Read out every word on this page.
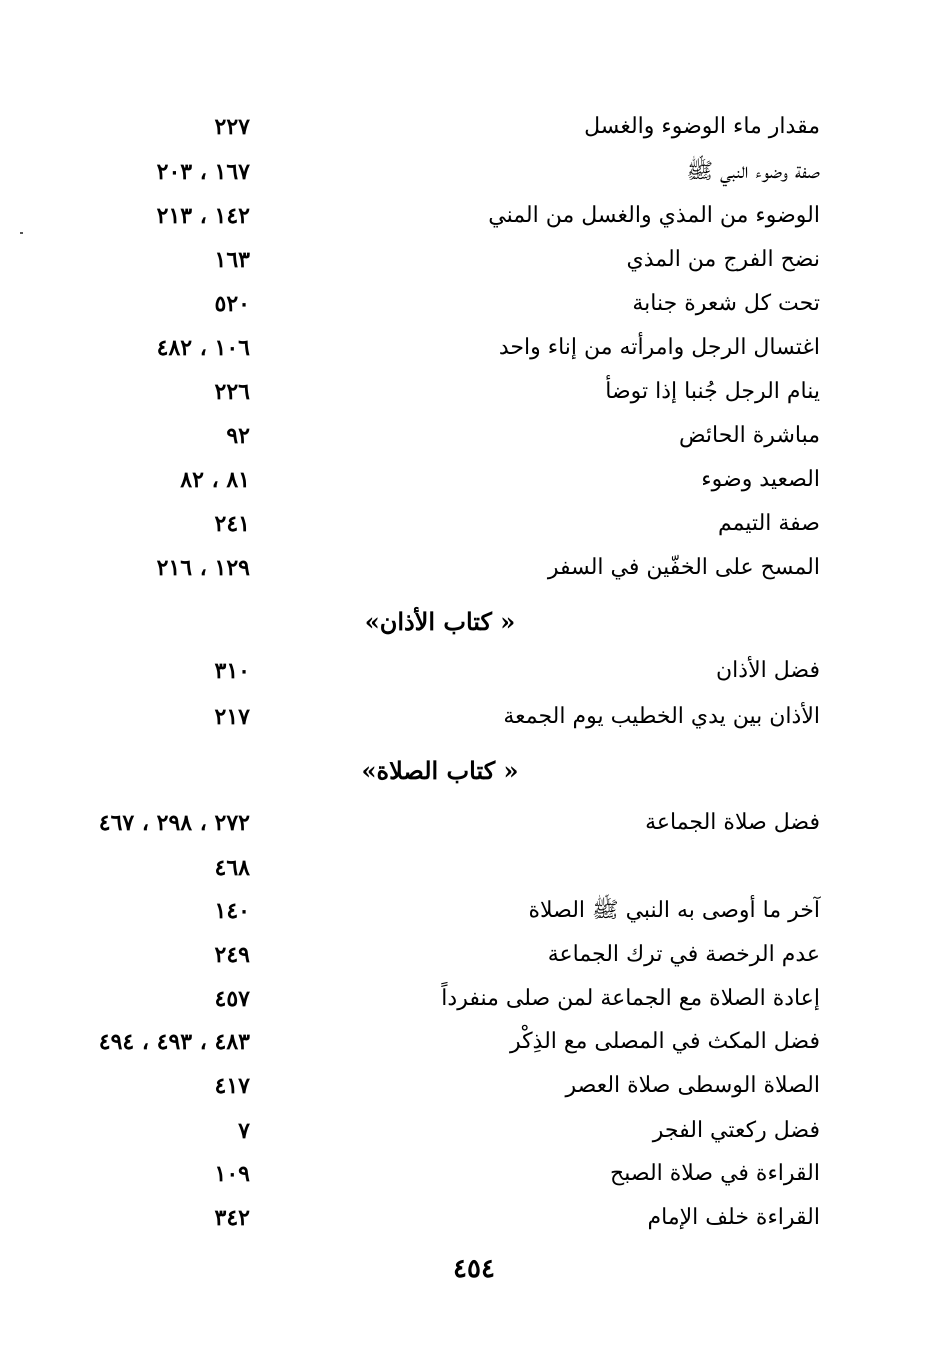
مقدار ماء الوضوء والغسل
٢٢٧
صفة وضوء النبي ﷺ
١٦٧ ، ٢٠٣
الوضوء من المذي والغسل من المني
١٤٢ ، ٢١٣
نضح الفرج من المذي
١٦٣
تحت كل شعرة جنابة
٥٢٠
اغتسال الرجل وامرأته من إناء واحد
١٠٦ ، ٤٨٢
ينام الرجل جُنبا إذا توضأ
٢٢٦
مباشرة الحائض
٩٢
الصعيد وضوء
٨١ ، ٨٢
صفة التيمم
٢٤١
المسح على الخفّين في السفر
١٢٩ ، ٢١٦
« كتاب الأذان»
فضل الأذان
٣١٠
الأذان بين يدي الخطيب يوم الجمعة
٢١٧
« كتاب الصلاة»
فضل صلاة الجماعة
٢٧٢ ، ٢٩٨ ، ٤٦٧
٤٦٨
آخر ما أوصى به النبي ﷺ الصلاة
١٤٠
عدم الرخصة في ترك الجماعة
٢٤٩
إعادة الصلاة مع الجماعة لمن صلى منفرداً
٤٥٧
فضل المكث في المصلى مع الذِكْر
٤٨٣ ، ٤٩٣ ، ٤٩٤
الصلاة الوسطى صلاة العصر
٤١٧
فضل ركعتي الفجر
٧
القراءة في صلاة الصبح
١٠٩
القراءة خلف الإمام
٣٤٢
٤٥٤
